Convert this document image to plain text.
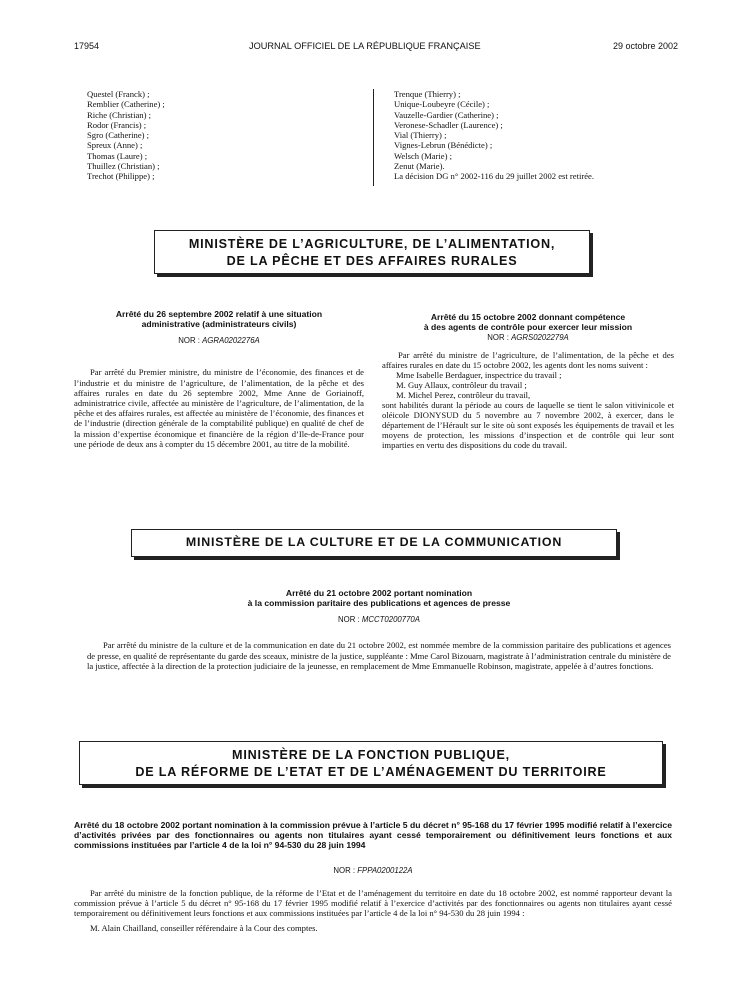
17954	JOURNAL OFFICIEL DE LA RÉPUBLIQUE FRANÇAISE	29 octobre 2002
Questel (Franck) ;
Remblier (Catherine) ;
Riche (Christian) ;
Rodor (Francis) ;
Sgro (Catherine) ;
Spreux (Anne) ;
Thomas (Laure) ;
Thuillez (Christian) ;
Trechot (Philippe) ;
Trenque (Thierry) ;
Unique-Loubeyre (Cécile) ;
Vauzelle-Gardier (Catherine) ;
Veronese-Schadler (Laurence) ;
Vial (Thierry) ;
Vignes-Lebrun (Bénédicte) ;
Welsch (Marie) ;
Zenut (Marie).
La décision DG n° 2002-116 du 29 juillet 2002 est retirée.
MINISTÈRE DE L’AGRICULTURE, DE L’ALIMENTATION,
DE LA PÊCHE ET DES AFFAIRES RURALES
Arrêté du 26 septembre 2002 relatif à une situation
administrative (administrateurs civils)
NOR : AGRA0202276A

Par arrêté du Premier ministre, du ministre de l’économie, des finances et de l’industrie et du ministre de l’agriculture, de l’alimentation, de la pêche et des affaires rurales en date du 26 septembre 2002, Mme Anne de Goriainoff, administratrice civile, affectée au ministère de l’agriculture, de l’alimentation, de la pêche et des affaires rurales, est affectée au ministère de l’économie, des finances et de l’industrie (direction générale de la comptabilité publique) en qualité de chef de la mission d’expertise économique et financière de la région d’Ile-de-France pour une période de deux ans à compter du 15 décembre 2001, au titre de la mobilité.

Arrêté du 15 octobre 2002 donnant compétence
à des agents de contrôle pour exercer leur mission
NOR : AGRS0202279A

Par arrêté du ministre de l’agriculture, de l’alimentation, de la pêche et des affaires rurales en date du 15 octobre 2002, les agents dont les noms suivent :

Mme Isabelle Berdaguer, inspectrice du travail ;

M. Guy Allaux, contrôleur du travail ;

M. Michel Perez, contrôleur du travail,

sont habilités durant la période au cours de laquelle se tient le salon vitivinicole et oléicole DIONYSUD du 5 novembre au 7 novembre 2002, à exercer, dans le département de l’Hérault sur le site où sont exposés les équipements de travail et les moyens de protection, les missions d’inspection et de contrôle qui leur sont imparties en vertu des dispositions du code du travail.

MINISTÈRE DE LA CULTURE ET DE LA COMMUNICATION
Arrêté du 21 octobre 2002 portant nomination
à la commission paritaire des publications et agences de presse
NOR : MCCT0200770A

Par arrêté du ministre de la culture et de la communication en date du 21 octobre 2002, est nommée membre de la commission paritaire des publications et agences de presse, en qualité de représentante du garde des sceaux, ministre de la justice, suppléante : Mme Carol Bizouarn, magistrate à l’administration centrale du ministère de la justice, affectée à la direction de la protection judiciaire de la jeunesse, en remplacement de Mme Emmanuelle Robinson, magistrate, appelée à d’autres fonctions.

MINISTÈRE DE LA FONCTION PUBLIQUE,
DE LA RÉFORME DE L’ETAT ET DE L’AMÉNAGEMENT DU TERRITOIRE
Arrêté du 18 octobre 2002 portant nomination à la commission prévue à l’article 5 du décret n° 95-168 du 17 février 1995 modifié relatif à l’exercice d’activités privées par des fonctionnaires ou agents non titulaires ayant cessé temporairement ou définitivement leurs fonctions et aux commissions instituées par l’article 4 de la loi n° 94-530 du 28 juin 1994
NOR : FPPA0200122A

Par arrêté du ministre de la fonction publique, de la réforme de l’Etat et de l’aménagement du territoire en date du 18 octobre 2002, est nommé rapporteur devant la commission prévue à l’article 5 du décret n° 95-168 du 17 février 1995 modifié relatif à l’exercice d’activités par des fonctionnaires ou agents non titulaires ayant cessé temporairement ou définitivement leurs fonctions et aux commissions instituées par l’article 4 de la loi n° 94-530 du 28 juin 1994 :

M. Alain Chailland, conseiller référendaire à la Cour des comptes.
